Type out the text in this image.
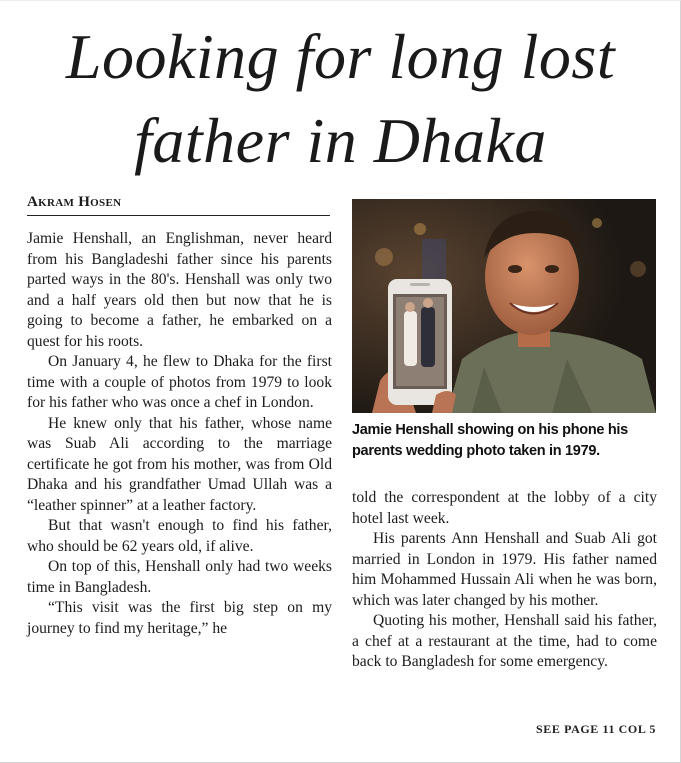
Looking for long lost father in Dhaka
Akram Hosen

Jamie Henshall, an Englishman, never heard from his Bangladeshi father since his parents parted ways in the 80's. Henshall was only two and a half years old then but now that he is going to become a father, he embarked on a quest for his roots.

On January 4, he flew to Dhaka for the first time with a couple of photos from 1979 to look for his father who was once a chef in London.

He knew only that his father, whose name was Suab Ali according to the marriage certificate he got from his mother, was from Old Dhaka and his grandfather Umad Ullah was a “leather spinner” at a leather factory.

But that wasn't enough to find his father, who should be 62 years old, if alive.

On top of this, Henshall only had two weeks time in Bangladesh.

“This visit was the first big step on my journey to find my heritage,” he

Jamie Henshall showing on his phone his parents wedding photo taken in 1979.

told the correspondent at the lobby of a city hotel last week.

His parents Ann Henshall and Suab Ali got married in London in 1979. His father named him Mohammed Hussain Ali when he was born, which was later changed by his mother.

Quoting his mother, Henshall said his father, a chef at a restaurant at the time, had to come back to Bangladesh for some emergency.

SEE PAGE 11 COL 5
